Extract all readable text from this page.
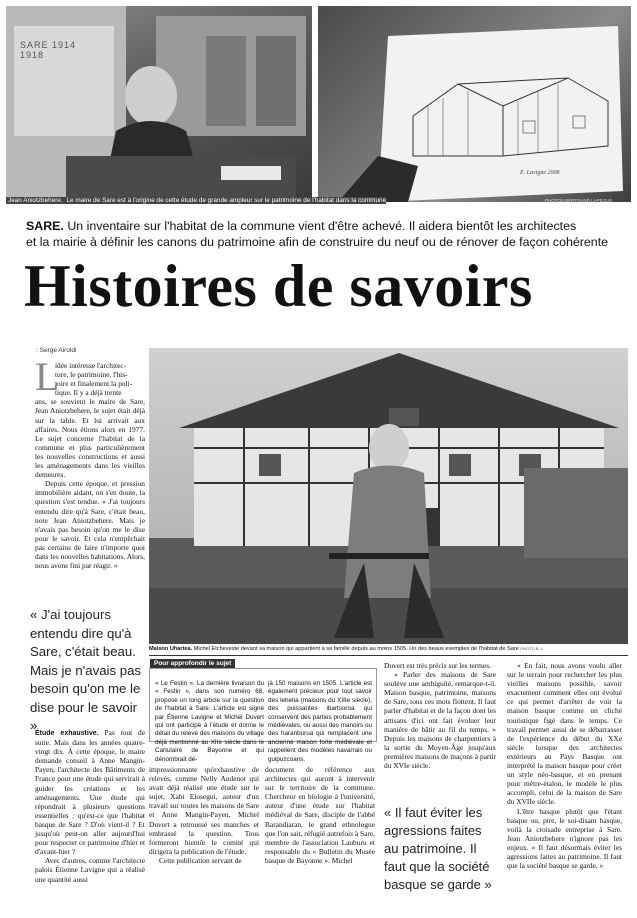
SARE 1914 1918
E. Lavigne 2008
Jean Aniotzbehere. Le maire de Sare est à l'origine de cette étude de grande ampleur sur le patrimoine de l'habitat dans la commune	PHOTOS BERTRAND LAPEGUE
SARE. Un inventaire sur l'habitat de la commune vient d'être achevé. Il aidera bientôt les architectes
et la mairie à définir les canons du patrimoine afin de construire du neuf ou de rénover de façon cohérente
Histoires de savoirs
: Serge Airoldi
L
idée intéresse l'architec-
ture, le patrimoine, l'his-
toire et finalement la poli-
tique. Il y a déjà trente

ans, se souvient le maire de Sare, Jean Aniotzbehere, le sujet était déjà sur la table. Et lui arrivait aux affaires. Nous étions alors en 1977. Le sujet concerne l'habitat de la commune et plus particulièrement les nouvelles constructions et aussi les aménagements dans les vieilles demeures.

Depuis cette époque, et pression immobilière aidant, on s'en doute, la question s'est tendue. « J'ai toujours entendu dire qu'à Sare, c'était beau, note Jean Aniotzbehere. Mais je n'avais pas besoin qu'on me le dise pour le savoir. Et cela n'empêchait pas certains de faire n'importe quoi dans les nouvelles habitations. Alors, nous avons fini par réagir. »

« J'ai toujours entendu dire qu'à Sare, c'était beau. Mais je n'avais pas besoin qu'on me le dise pour le savoir »

Étude exhaustive. Pas tout de suite. Mais dans les années quatre-vingt dix. À cette époque, le maire demande conseil à Anne Mangin-Payen, l'architecte des Bâtiments de France pour une étude qui servirait à guider les créations et les aménagements. Une étude qui répondrait à plusieurs questions essentielles : qu'est-ce que l'habitat basque de Sare ? D'où vient-il ? Et jusqu'où peut-on aller aujourd'hui pour respecter ce patrimoine d'hier et d'avant-hier ?

Avec d'autres, comme l'architecte palois Étienne Lavigne qui a réalisé une quantité aussi

Maison Uhartea. Michel Etcheveste devant sa maison qui appartient à sa famille depuis au moins 1505. Un des beaux exemples de l'habitat de Sare PHOTO B. L.
Pour approfondir le sujet

« Le Festin ». La dernière livraison du « Festin », dans son numéro 68, propose un long article sur la question de l'habitat à Sare. L'article est signé par Étienne Lavigne et Michel Duvert qui ont participé à l'étude et donne le détail du relevé des maisons du village déjà mentionné au XIIe siècle dans le Cartulaire de Bayonne et qui dénombrait dé-

jà 150 maisons en 1505. L'article est également précieux pour tout savoir des lehetia (maisons du XIIIe siècle), des puissantes ibartsoroa qui conservent des parties probablement médiévales, ou aussi des manoirs ou des haranburua qui remplacent une ancienne maison forte médiévale et rappellent des modèles navarrais ou guipuzcoans.

impressionnante qu'exhaustive de relevés, comme Nelly Audenot qui avait déjà réalisé une étude sur le sujet, Xabi Elosegui, auteur d'un travail sur toutes les maisons de Sare et Anne Mangin-Payen, Michel Duvert a retroussé ses manches et embrassé la question. Tous formeront bientôt le comité qui dirigera la publication de l'étude.

Cette publication servant de

document de référence aux architectes qui auront à intervenir sur le territoire de la commune. Chercheur en biologie à l'université, auteur d'une étude sur l'habitat médiéval de Sare, disciple de l'abbé Barandiaran, le grand ethnologue que l'on sait, réfugié autrefois à Sare, membre de l'association Lauburu et responsable du « Bulletin du Musée basque de Bayonne ». Michel

Duvert est très précis sur les termes.

« Parler des maisons de Sare soulève une ambiguïté, remarque-t-il. Maison basque, patrimoine, maisons de Sare, tous ces mots flottent. Il faut parler d'habitat et de la façon dont les artisans d'ici ont fait évoluer leur manière de bâtir au fil du temps. » Depuis les maisons de charpentiers à la sortie du Moyen-Âge jusqu'aux premières maisons de maçons à partir du XVIe siècle.

« Il faut éviter les agressions faites au patrimoine. Il faut que la société basque se garde »

« En fait, nous avons voulu aller sur le terrain pour rechercher les plus vieilles maisons possible, savoir exactement comment elles ont évolué ce qui permet d'arrêter de voir la maison basque comme un cliché touristique figé dans le temps. Ce travail permet aussi de se débarrasser de l'expérience du début du XXe siècle lorsque des architectes extérieurs au Pays Basque ont interprété la maison basque pour créer un style néo-basque, et en prenant pour mètre-étalon, le modèle le plus accompli, celui de la maison de Sare du XVIIe siècle.

L'être basque plutôt que l'étant basque ou, pire, le soi-disant basque, voilà la croisade entreprise à Sare. Jean Aniotzbehere n'ignore pas les enjeux. « Il faut désormais éviter les agressions faites au patrimoine. Il faut que la société basque se garde. »
